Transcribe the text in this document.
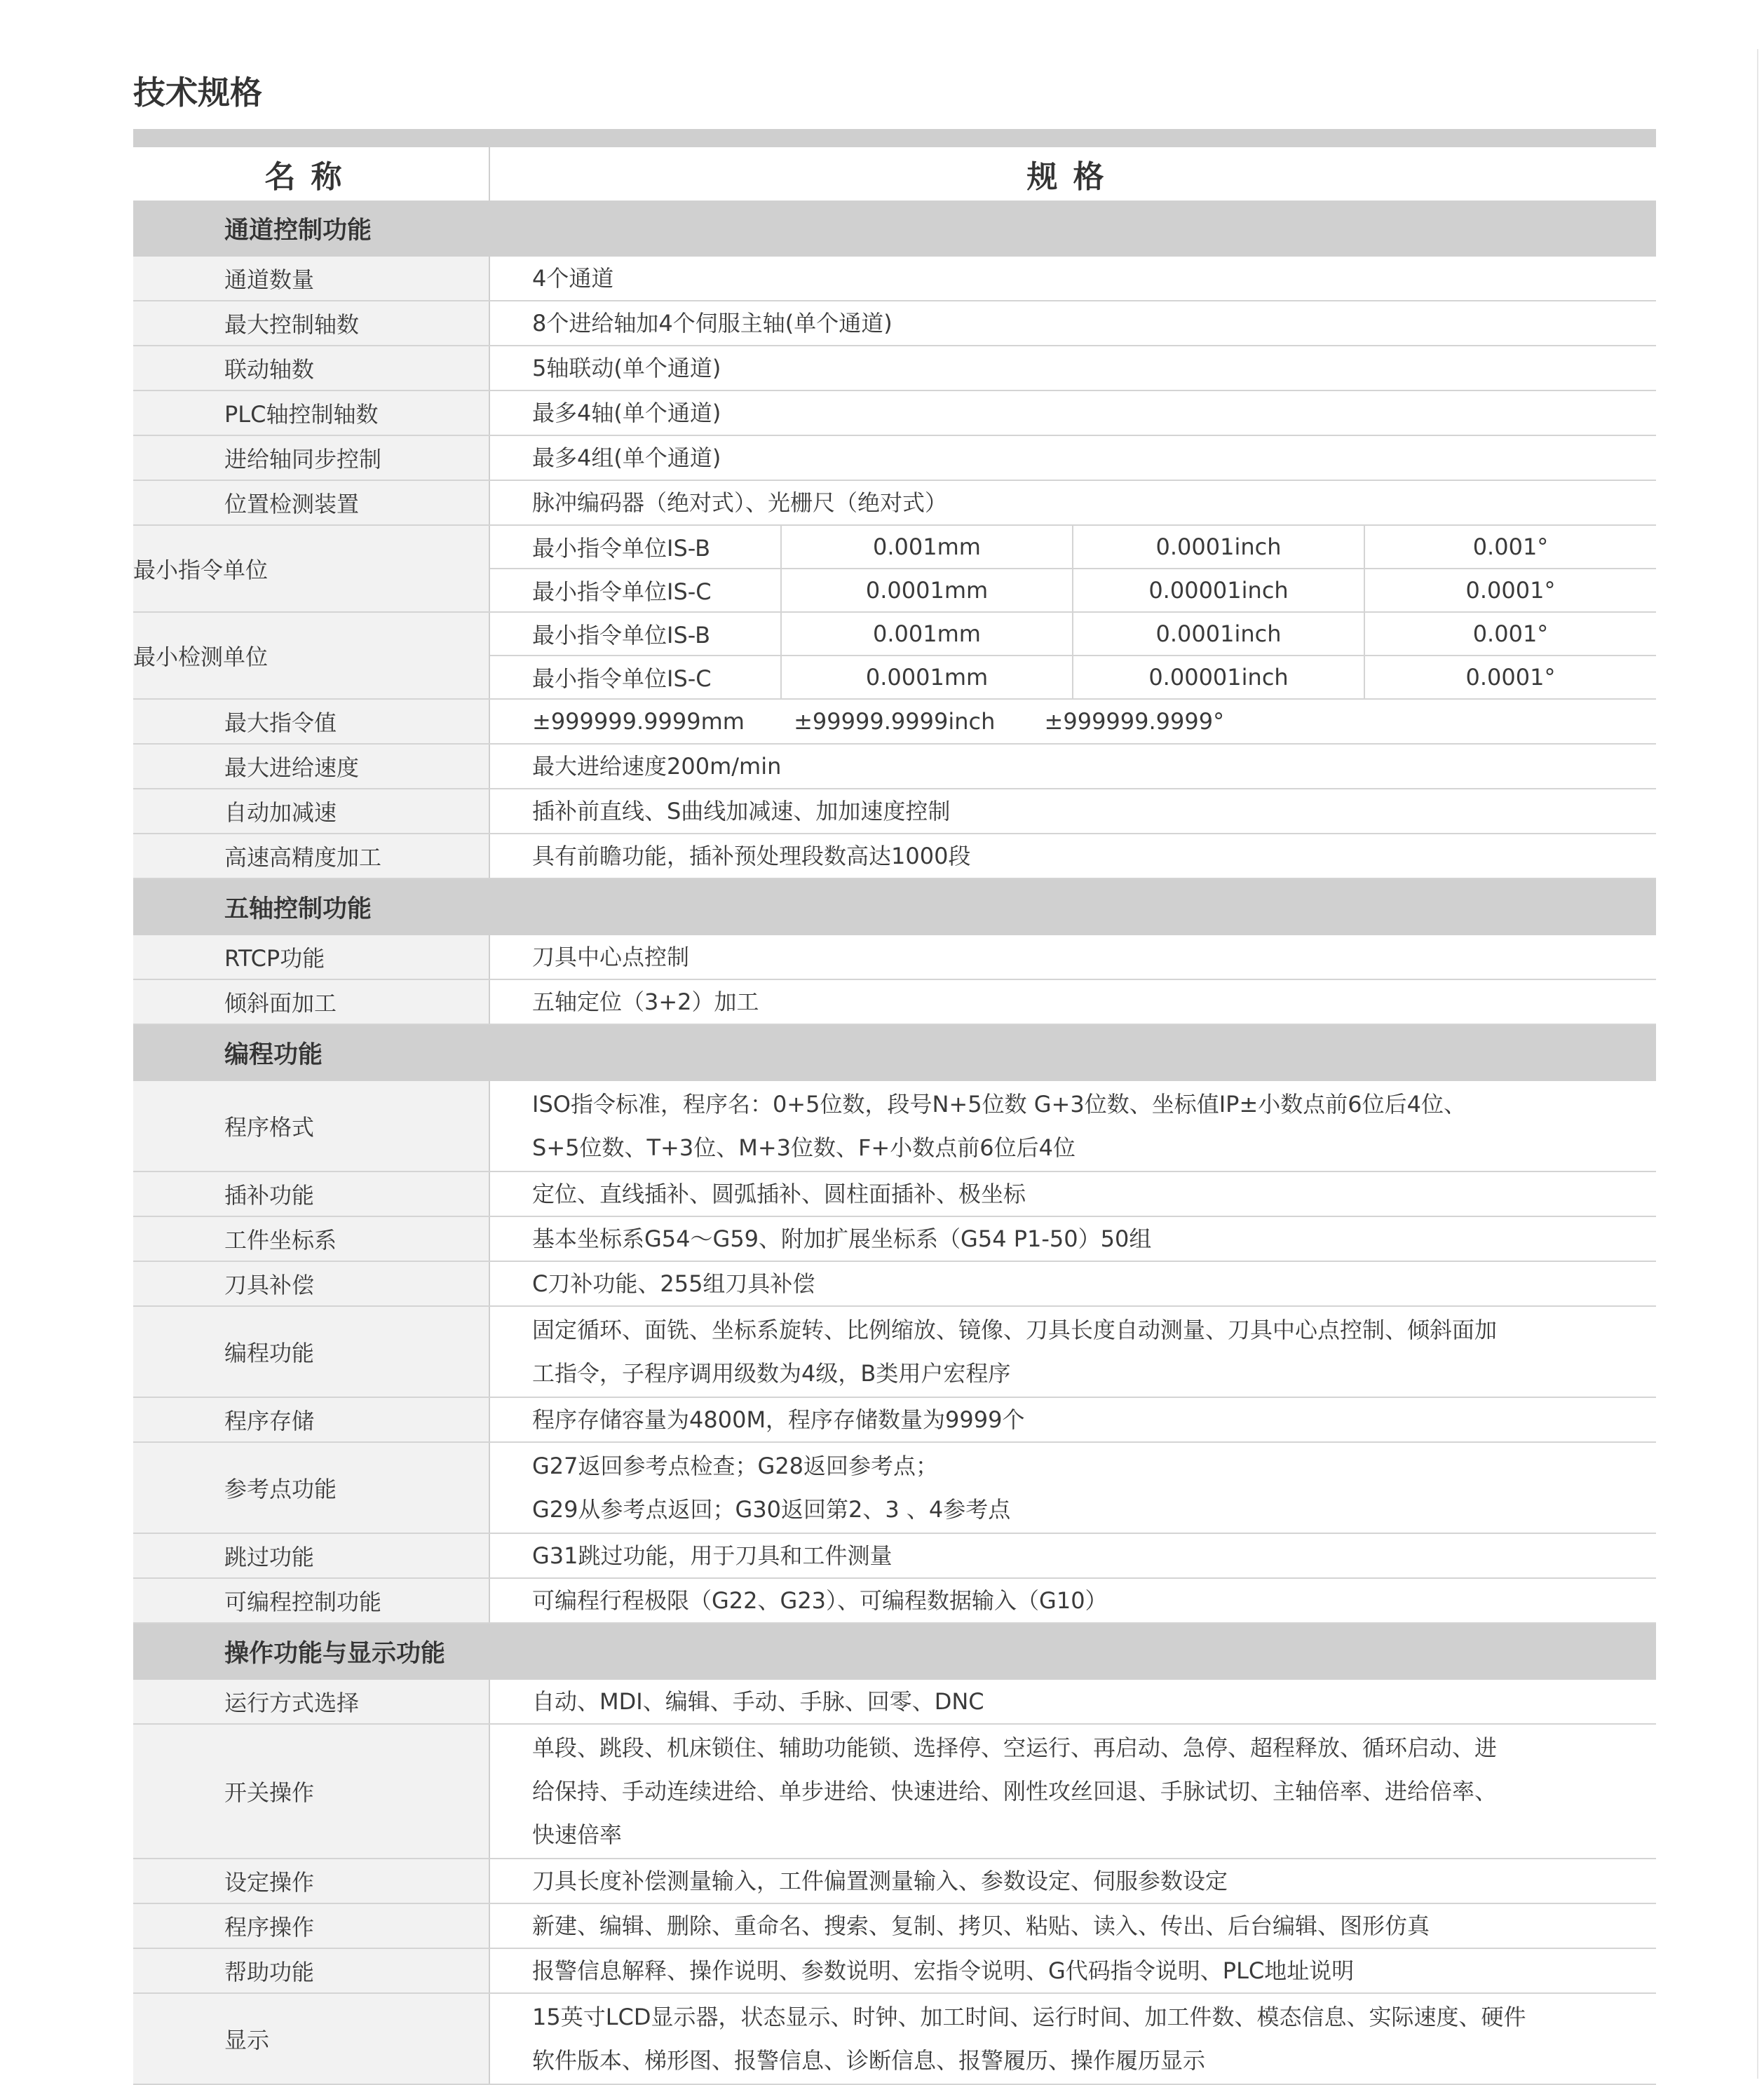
技术规格
名称	规格			
通道控制功能				
通道数量	4个通道			
最大控制轴数	8个进给轴加4个伺服主轴(单个通道)			
联动轴数	5轴联动(单个通道)			
PLC轴控制轴数	最多4轴(单个通道)			
进给轴同步控制	最多4组(单个通道)			
位置检测装置	脉冲编码器（绝对式）、光栅尺（绝对式）			
最小指令单位	最小指令单位IS-B	0.001mm	0.0001inch	0.001°
	最小指令单位IS-C	0.0001mm	0.00001inch	0.0001°
最小检测单位	最小指令单位IS-B	0.001mm	0.0001inch	0.001°
	最小指令单位IS-C	0.0001mm	0.00001inch	0.0001°
最大指令值	±999999.9999mm ±99999.9999inch ±999999.9999°			
最大进给速度	最大进给速度200m/min			
自动加减速	插补前直线、S曲线加减速、加加速度控制			
高速高精度加工	具有前瞻功能，插补预处理段数高达1000段			
五轴控制功能				
RTCP功能	刀具中心点控制			
倾斜面加工	五轴定位（3+2）加工			
编程功能				
程序格式	ISO指令标准，程序名：0+5位数，段号N+5位数 G+3位数、坐标值IP±小数点前6位后4位、
S+5位数、T+3位、M+3位数、F+小数点前6位后4位			

插补功能	定位、直线插补、圆弧插补、圆柱面插补、极坐标			
工件坐标系	基本坐标系G54～G59、附加扩展坐标系（G54 P1-50）50组			
刀具补偿	C刀补功能、255组刀具补偿			
编程功能	固定循环、面铣、坐标系旋转、比例缩放、镜像、刀具长度自动测量、刀具中心点控制、倾斜面加
工指令，子程序调用级数为4级，B类用户宏程序			

程序存储	程序存储容量为4800M，程序存储数量为9999个			
参考点功能	G27返回参考点检查；G28返回参考点；
G29从参考点返回；G30返回第2、3 、4参考点			

跳过功能	G31跳过功能，用于刀具和工件测量			
可编程控制功能	可编程行程极限（G22、G23）、可编程数据输入（G10）			
操作功能与显示功能				
运行方式选择	自动、MDI、编辑、手动、手脉、回零、DNC			
开关操作	单段、跳段、机床锁住、辅助功能锁、选择停、空运行、再启动、急停、超程释放、循环启动、进
给保持、手动连续进给、单步进给、快速进给、刚性攻丝回退、手脉试切、主轴倍率、进给倍率、
快速倍率			

设定操作	刀具长度补偿测量输入，工件偏置测量输入、参数设定、伺服参数设定			
程序操作	新建、编辑、删除、重命名、搜索、复制、拷贝、粘贴、读入、传出、后台编辑、图形仿真			
帮助功能	报警信息解释、操作说明、参数说明、宏指令说明、G代码指令说明、PLC地址说明			
显示	15英寸LCD显示器，状态显示、时钟、加工时间、运行时间、加工件数、模态信息、实际速度、硬件
软件版本、梯形图、报警信息、诊断信息、报警履历、操作履历显示			
